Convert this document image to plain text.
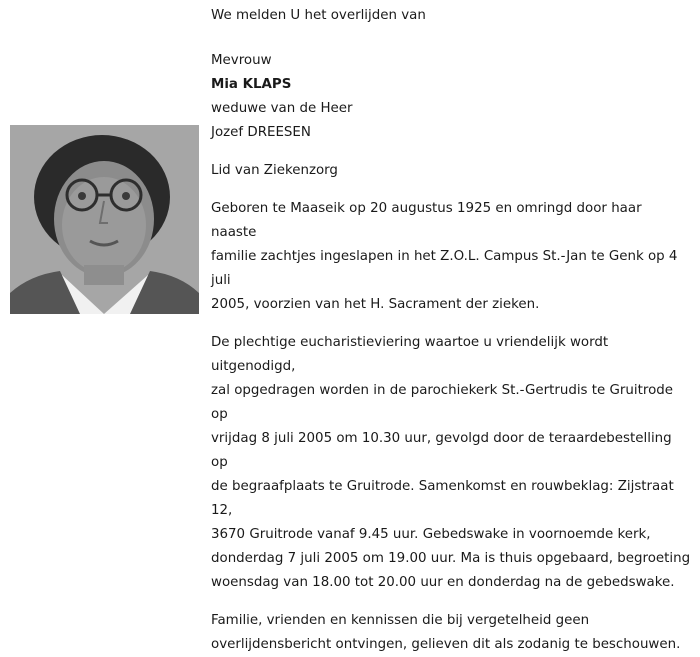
We melden U het overlijden van

Mevrouw

Mia KLAPS

weduwe van de Heer

Jozef DREESEN

Lid van Ziekenzorg

Geboren te Maaseik op 20 augustus 1925 en omringd door haar naaste

familie zachtjes ingeslapen in het Z.O.L. Campus St.-Jan te Genk op 4 juli

2005, voorzien van het H. Sacrament der zieken.

De plechtige eucharistieviering waartoe u vriendelijk wordt uitgenodigd,

zal opgedragen worden in de parochiekerk St.-Gertrudis te Gruitrode op

vrijdag 8 juli 2005 om 10.30 uur, gevolgd door de teraardebestelling op

de begraafplaats te Gruitrode. Samenkomst en rouwbeklag: Zijstraat 12,

3670 Gruitrode vanaf 9.45 uur. Gebedswake in voornoemde kerk,

donderdag 7 juli 2005 om 19.00 uur. Ma is thuis opgebaard, begroeting

woensdag van 18.00 tot 20.00 uur en donderdag na de gebedswake.

Familie, vrienden en kennissen die bij vergetelheid geen

overlijdensbericht ontvingen, gelieven dit als zodanig te beschouwen.
